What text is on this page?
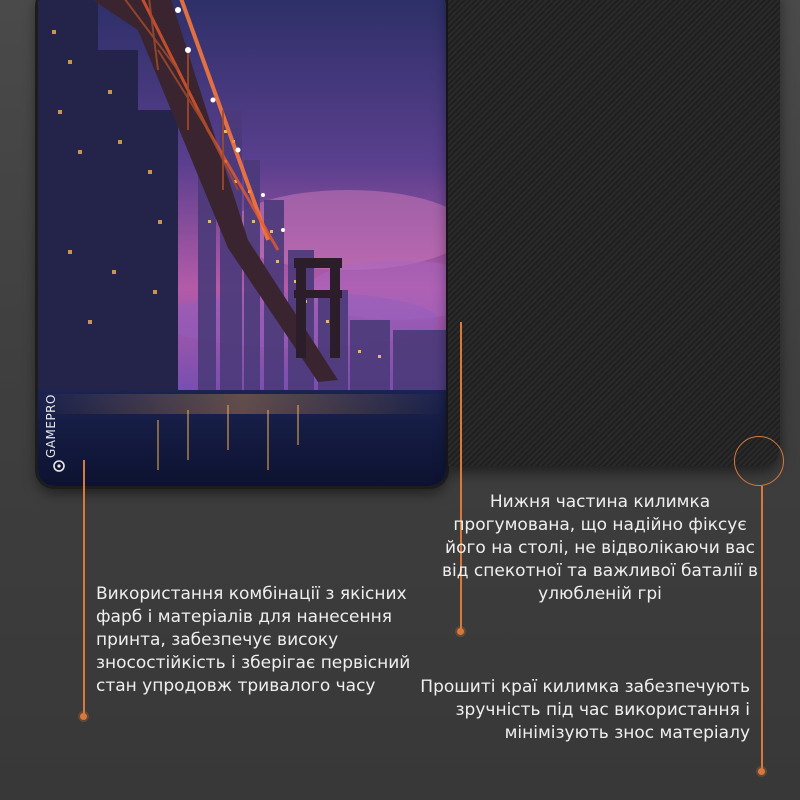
GAMEPRO
Використання комбінації з якісних фарб і матеріалів для нанесення принта, забезпечує високу зносостійкість і зберігає первісний стан упродовж тривалого часу
Нижня частина килимка прогумована, що надійно фіксує його на столі, не відволікаючи вас від спекотної та важливої баталії в улюбленій грі
Прошиті краї килимка забезпечують зручність під час використання і мінімізують знос матеріалу
